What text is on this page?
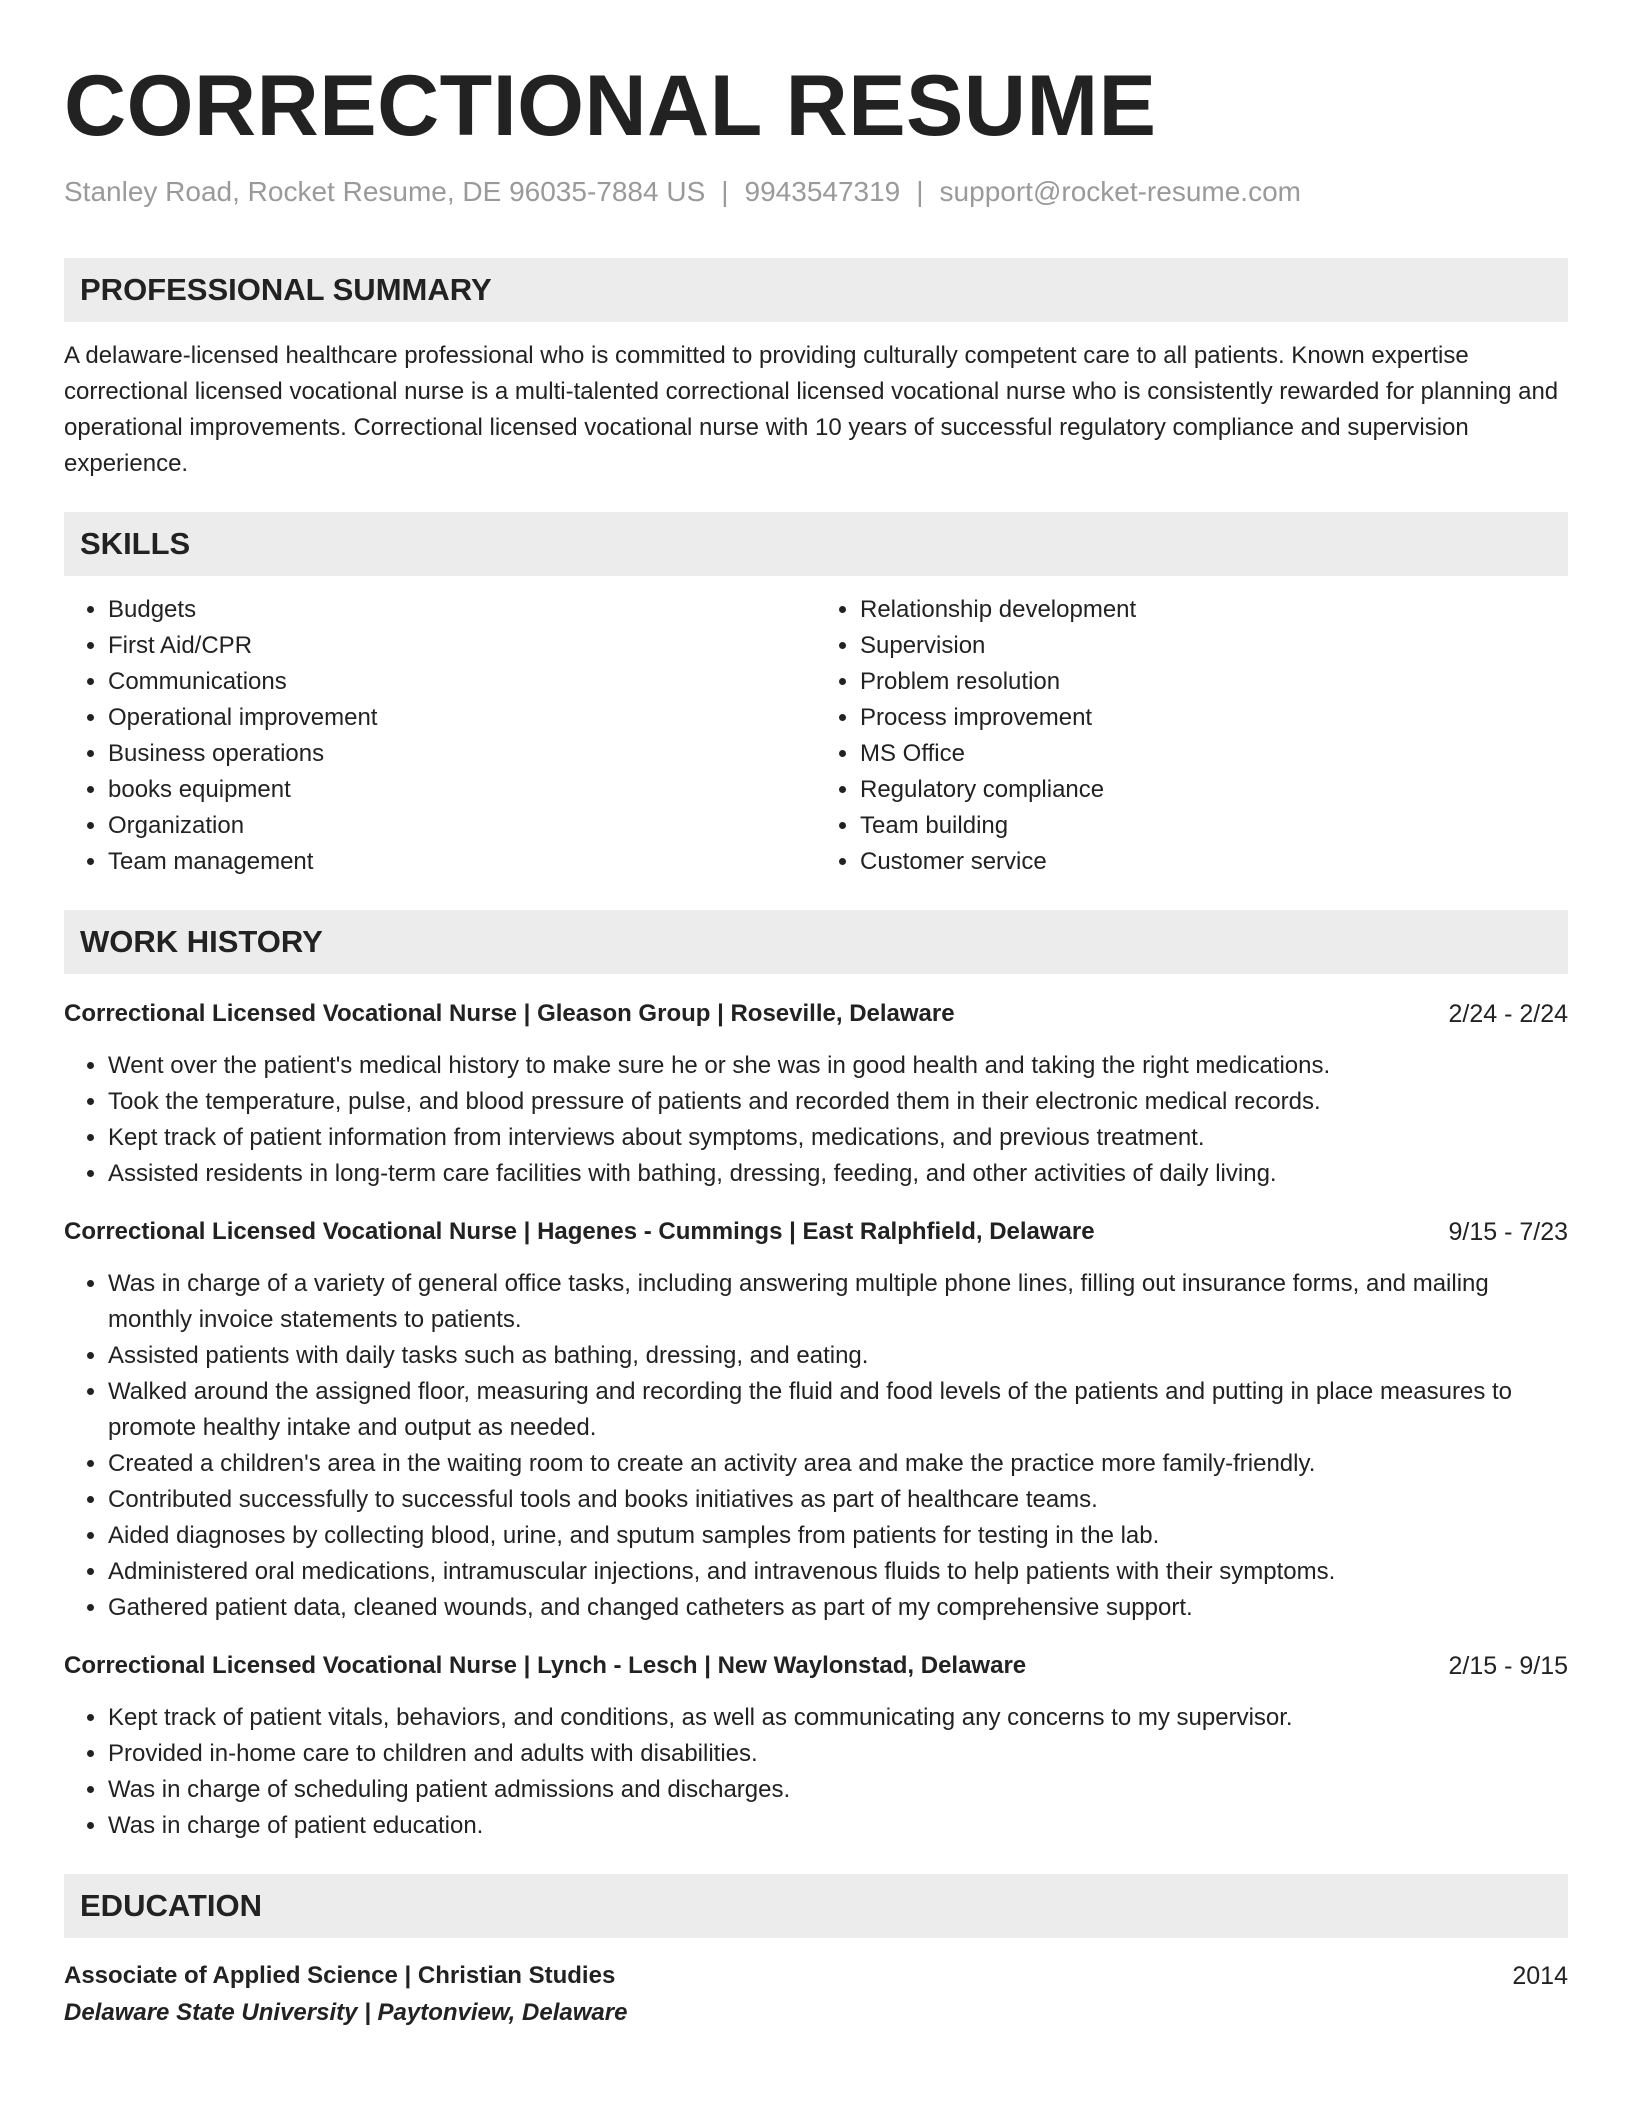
CORRECTIONAL RESUME
Stanley Road, Rocket Resume, DE 96035-7884 US | 9943547319 | support@rocket-resume.com
PROFESSIONAL SUMMARY

A delaware-licensed healthcare professional who is committed to providing culturally competent care to all patients. Known expertise correctional licensed vocational nurse is a multi-talented correctional licensed vocational nurse who is consistently rewarded for planning and operational improvements. Correctional licensed vocational nurse with 10 years of successful regulatory compliance and supervision experience.

SKILLS
• Budgets
• First Aid/CPR
• Communications
• Operational improvement
• Business operations
• books equipment
• Organization
• Team management
• Relationship development
• Supervision
• Problem resolution
• Process improvement
• MS Office
• Regulatory compliance
• Team building
• Customer service
WORK HISTORY
Correctional Licensed Vocational Nurse | Gleason Group | Roseville, Delaware	2/24 - 2/24
• Went over the patient's medical history to make sure he or she was in good health and taking the right medications.
• Took the temperature, pulse, and blood pressure of patients and recorded them in their electronic medical records.
• Kept track of patient information from interviews about symptoms, medications, and previous treatment.
• Assisted residents in long-term care facilities with bathing, dressing, feeding, and other activities of daily living.
Correctional Licensed Vocational Nurse | Hagenes - Cummings | East Ralphfield, Delaware	9/15 - 7/23
• Was in charge of a variety of general office tasks, including answering multiple phone lines, filling out insurance forms, and mailing monthly invoice statements to patients.
• Assisted patients with daily tasks such as bathing, dressing, and eating.
• Walked around the assigned floor, measuring and recording the fluid and food levels of the patients and putting in place measures to promote healthy intake and output as needed.
• Created a children's area in the waiting room to create an activity area and make the practice more family-friendly.
• Contributed successfully to successful tools and books initiatives as part of healthcare teams.
• Aided diagnoses by collecting blood, urine, and sputum samples from patients for testing in the lab.
• Administered oral medications, intramuscular injections, and intravenous fluids to help patients with their symptoms.
• Gathered patient data, cleaned wounds, and changed catheters as part of my comprehensive support.
Correctional Licensed Vocational Nurse | Lynch - Lesch | New Waylonstad, Delaware	2/15 - 9/15
• Kept track of patient vitals, behaviors, and conditions, as well as communicating any concerns to my supervisor.
• Provided in-home care to children and adults with disabilities.
• Was in charge of scheduling patient admissions and discharges.
• Was in charge of patient education.
EDUCATION
Associate of Applied Science | Christian Studies	2014
Delaware State University | Paytonview, Delaware
